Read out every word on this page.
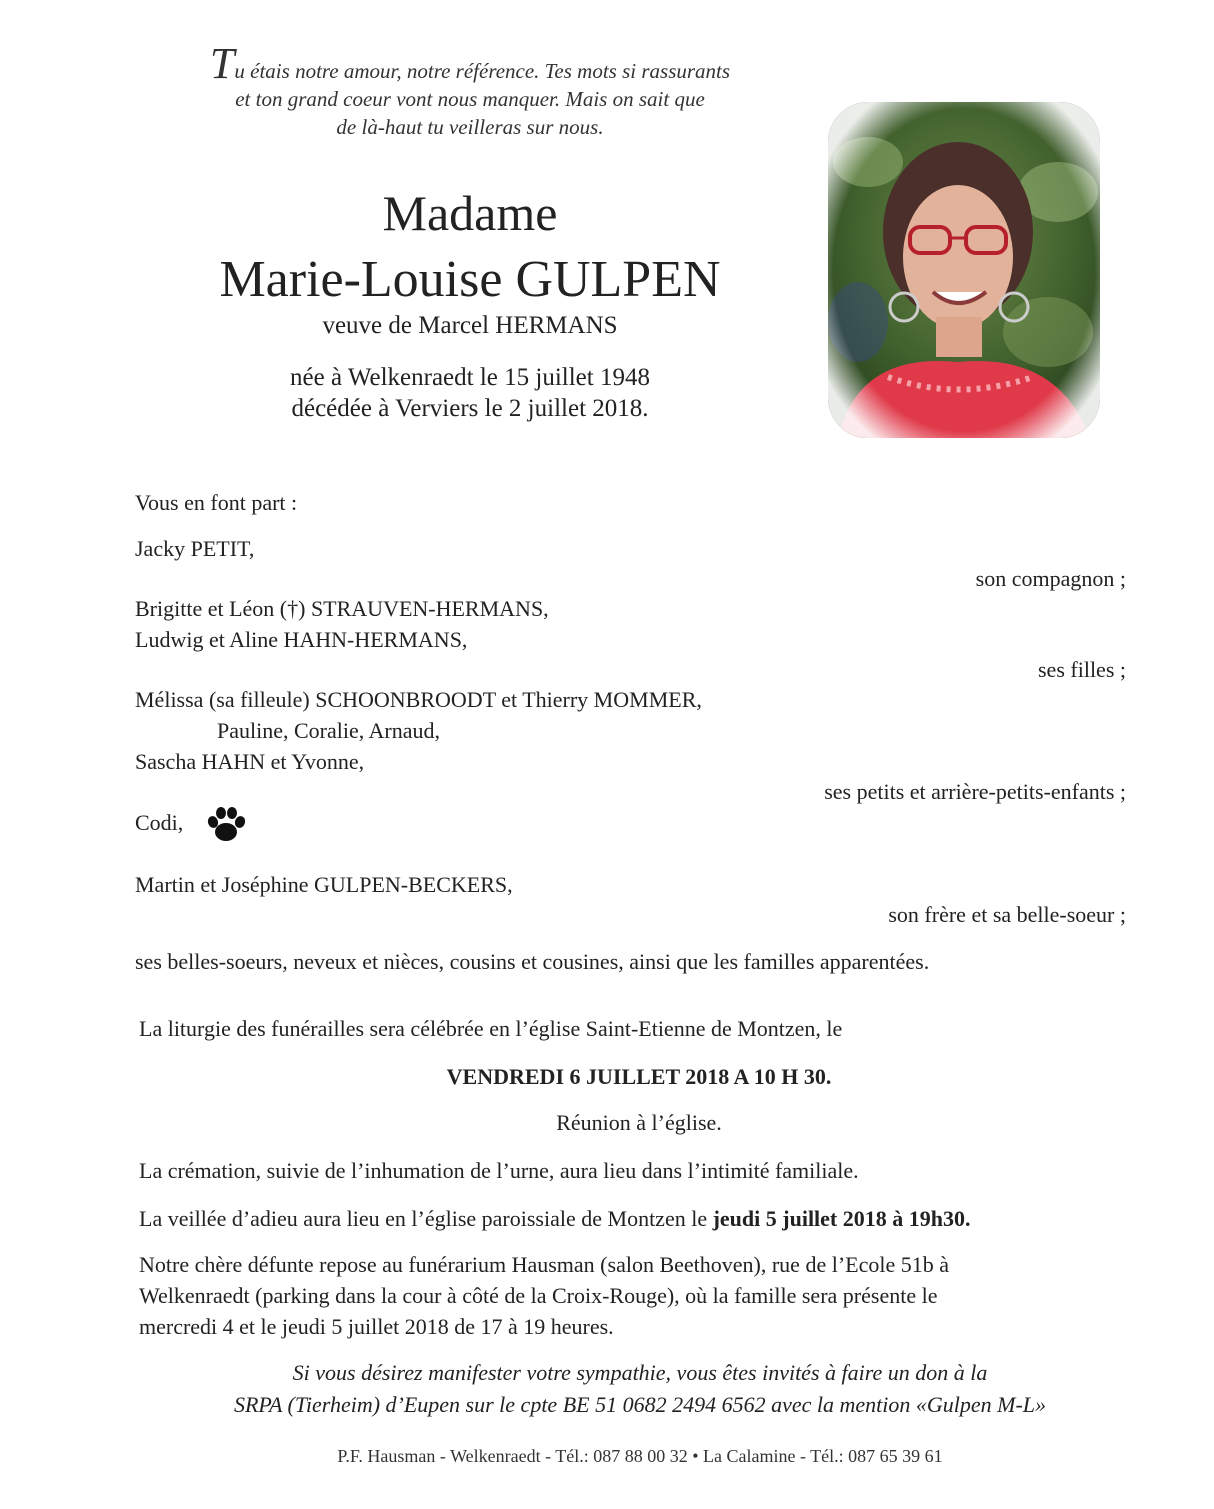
Tu étais notre amour, notre référence. Tes mots si rassurants
et ton grand coeur vont nous manquer. Mais on sait que
de là-haut tu veilleras sur nous.
Madame
Marie-Louise GULPEN
veuve de Marcel HERMANS
née à Welkenraedt le 15 juillet 1948
décédée à Verviers le 2 juillet 2018.
Vous en font part :
Jacky PETIT,
son compagnon ;
Brigitte et Léon (†) STRAUVEN-HERMANS,
Ludwig et Aline HAHN-HERMANS,
ses filles ;
Mélissa (sa filleule) SCHOONBROODT et Thierry MOMMER,
Pauline, Coralie, Arnaud,
Sascha HAHN et Yvonne,
ses petits et arrière-petits-enfants ;
Codi,
Martin et Joséphine GULPEN-BECKERS,
son frère et sa belle-soeur ;
ses belles-soeurs, neveux et nièces, cousins et cousines, ainsi que les familles apparentées.
La liturgie des funérailles sera célébrée en l’église Saint-Etienne de Montzen, le
VENDREDI 6 JUILLET 2018 A 10 H 30.
Réunion à l’église.
La crémation, suivie de l’inhumation de l’urne, aura lieu dans l’intimité familiale.
La veillée d’adieu aura lieu en l’église paroissiale de Montzen le jeudi 5 juillet 2018 à 19h30.
Notre chère défunte repose au funérarium Hausman (salon Beethoven), rue de l’Ecole 51b à
Welkenraedt (parking dans la cour à côté de la Croix-Rouge), où la famille sera présente le
mercredi 4 et le jeudi 5 juillet 2018 de 17 à 19 heures.
Si vous désirez manifester votre sympathie, vous êtes invités à faire un don à la
SRPA (Tierheim) d’Eupen sur le cpte BE 51 0682 2494 6562 avec la mention «Gulpen M-L»
P.F. Hausman - Welkenraedt - Tél.: 087 88 00 32 • La Calamine - Tél.: 087 65 39 61
